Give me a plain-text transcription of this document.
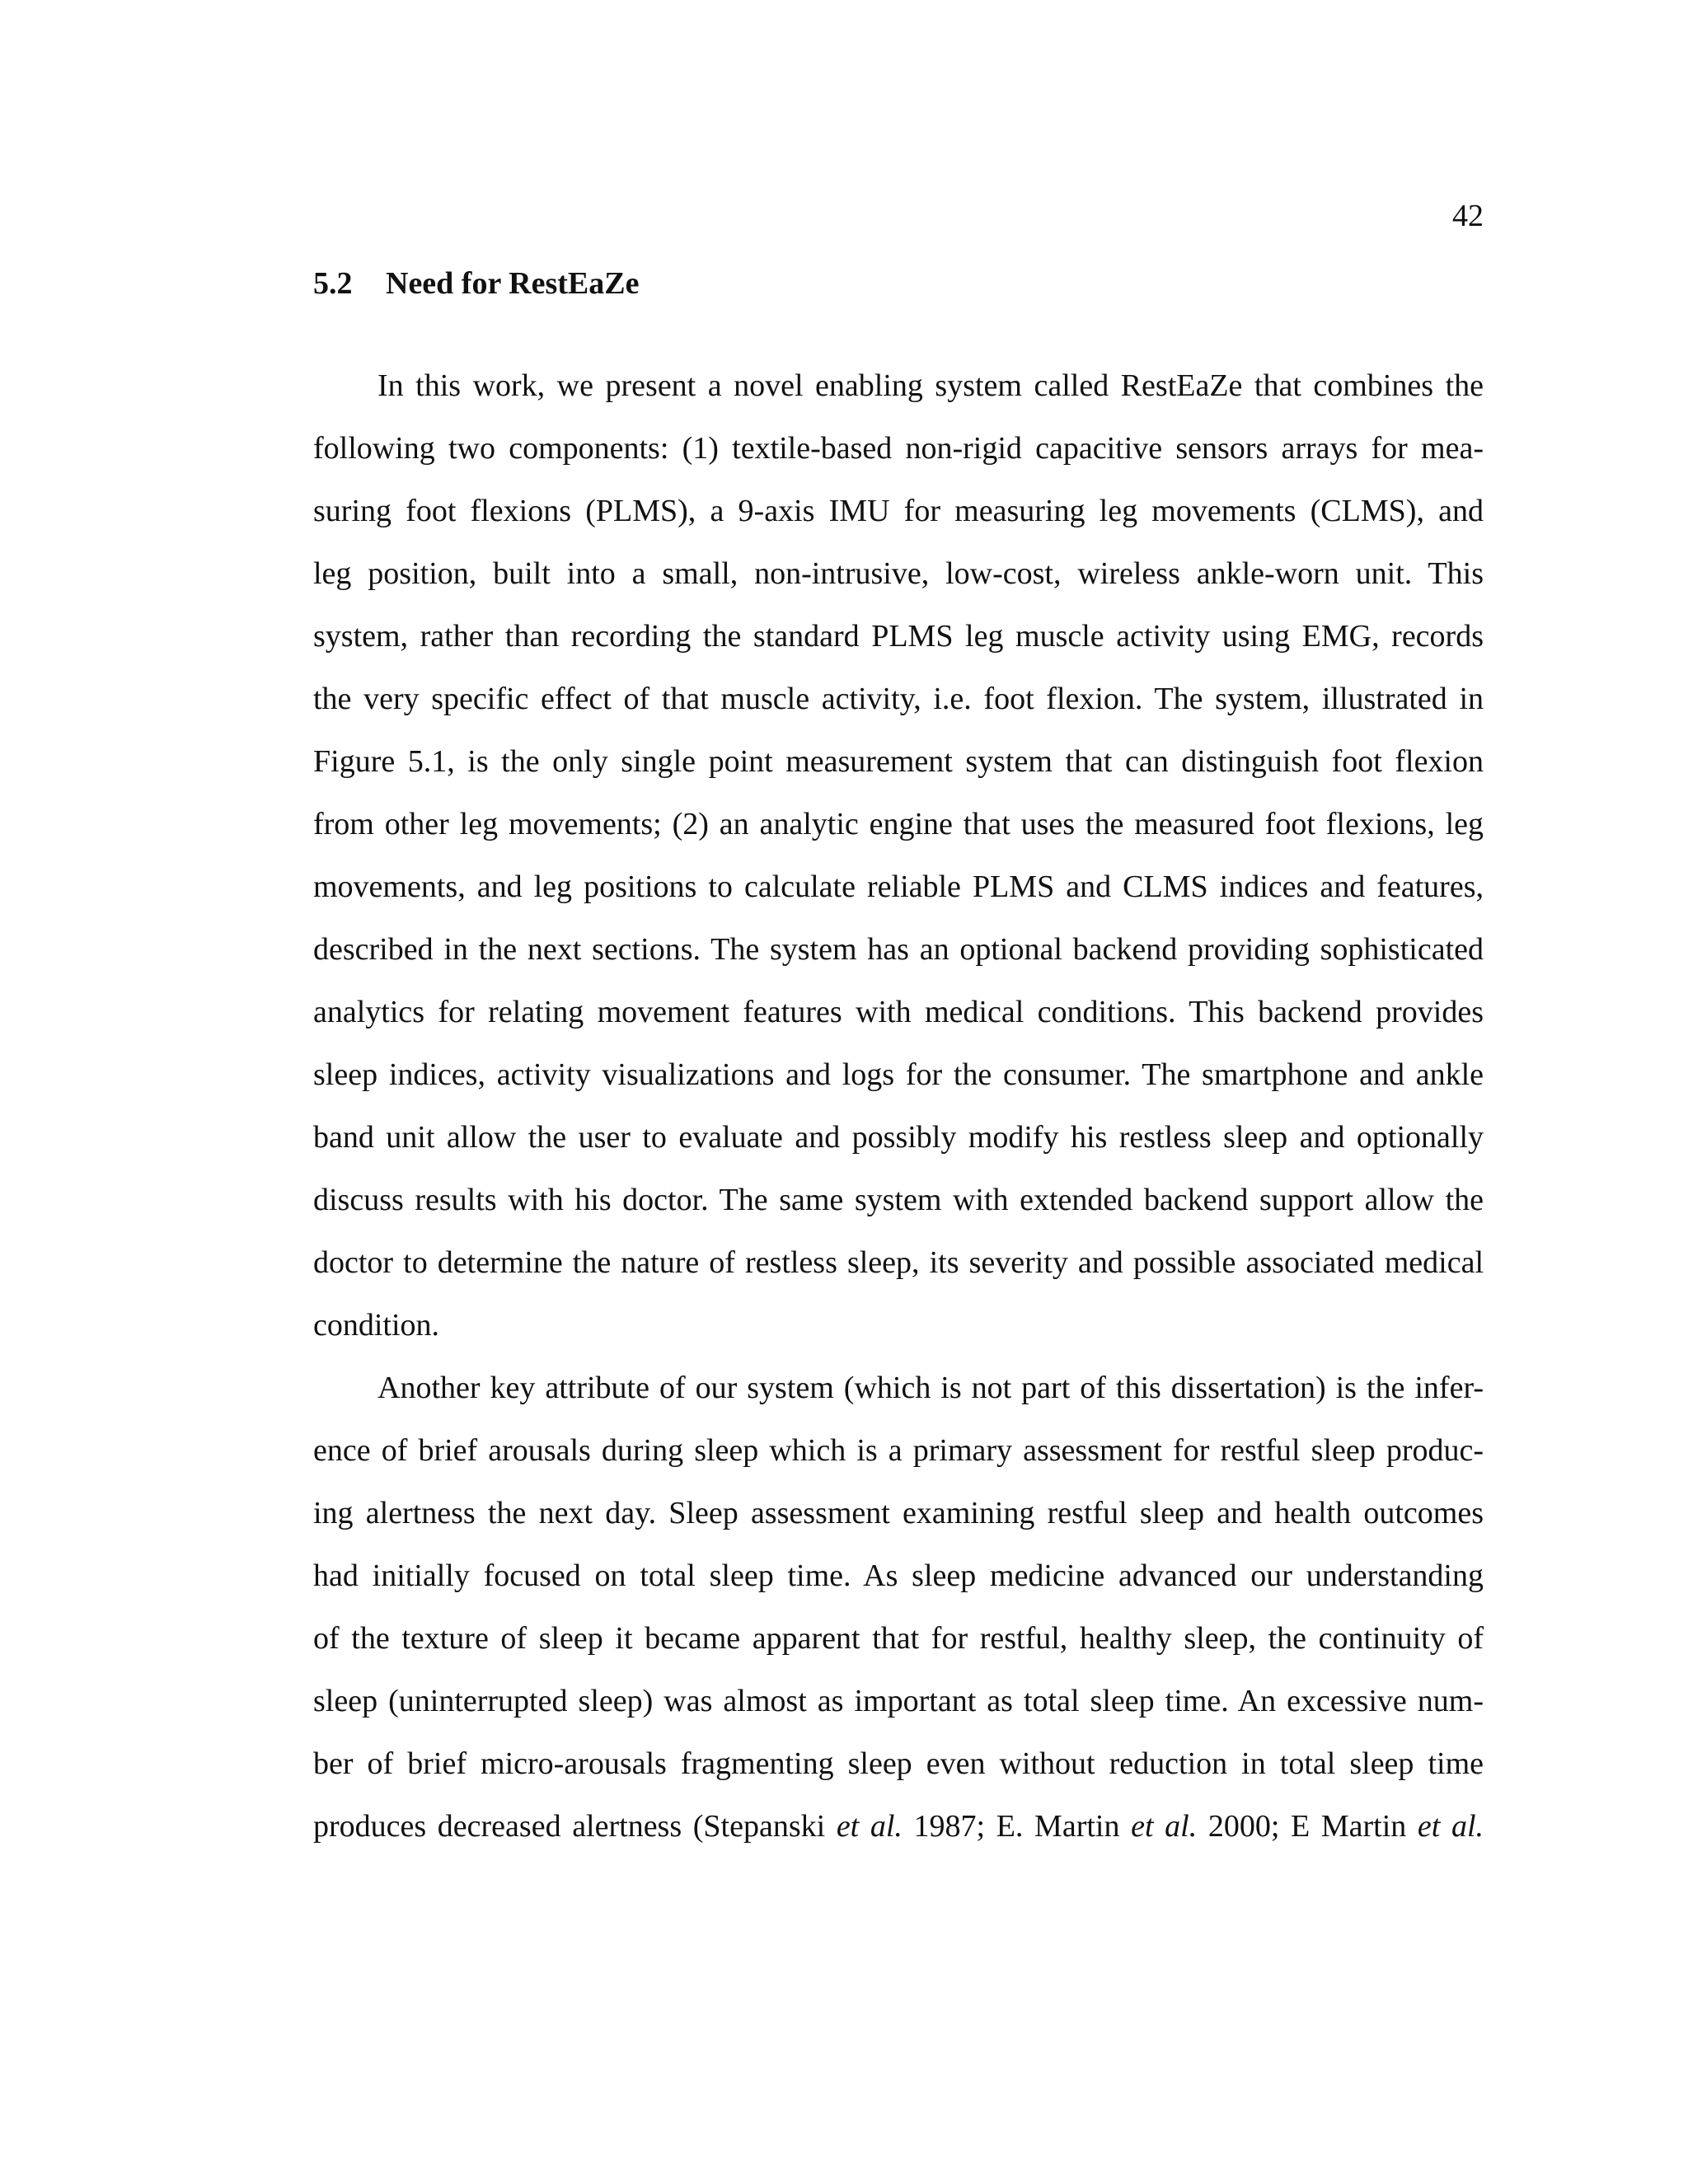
42
5.2 Need for RestEaZe
In this work, we present a novel enabling system called RestEaZe that combines the
following two components: (1) textile-based non-rigid capacitive sensors arrays for mea-
suring foot flexions (PLMS), a 9-axis IMU for measuring leg movements (CLMS), and
leg position, built into a small, non-intrusive, low-cost, wireless ankle-worn unit. This
system, rather than recording the standard PLMS leg muscle activity using EMG, records
the very specific effect of that muscle activity, i.e. foot flexion. The system, illustrated in
Figure 5.1, is the only single point measurement system that can distinguish foot flexion
from other leg movements; (2) an analytic engine that uses the measured foot flexions, leg
movements, and leg positions to calculate reliable PLMS and CLMS indices and features,
described in the next sections. The system has an optional backend providing sophisticated
analytics for relating movement features with medical conditions. This backend provides
sleep indices, activity visualizations and logs for the consumer. The smartphone and ankle
band unit allow the user to evaluate and possibly modify his restless sleep and optionally
discuss results with his doctor. The same system with extended backend support allow the
doctor to determine the nature of restless sleep, its severity and possible associated medical
condition.
Another key attribute of our system (which is not part of this dissertation) is the infer-
ence of brief arousals during sleep which is a primary assessment for restful sleep produc-
ing alertness the next day. Sleep assessment examining restful sleep and health outcomes
had initially focused on total sleep time. As sleep medicine advanced our understanding
of the texture of sleep it became apparent that for restful, healthy sleep, the continuity of
sleep (uninterrupted sleep) was almost as important as total sleep time. An excessive num-
ber of brief micro-arousals fragmenting sleep even without reduction in total sleep time
produces decreased alertness (Stepanski et al. 1987; E. Martin et al. 2000; E Martin et al.
